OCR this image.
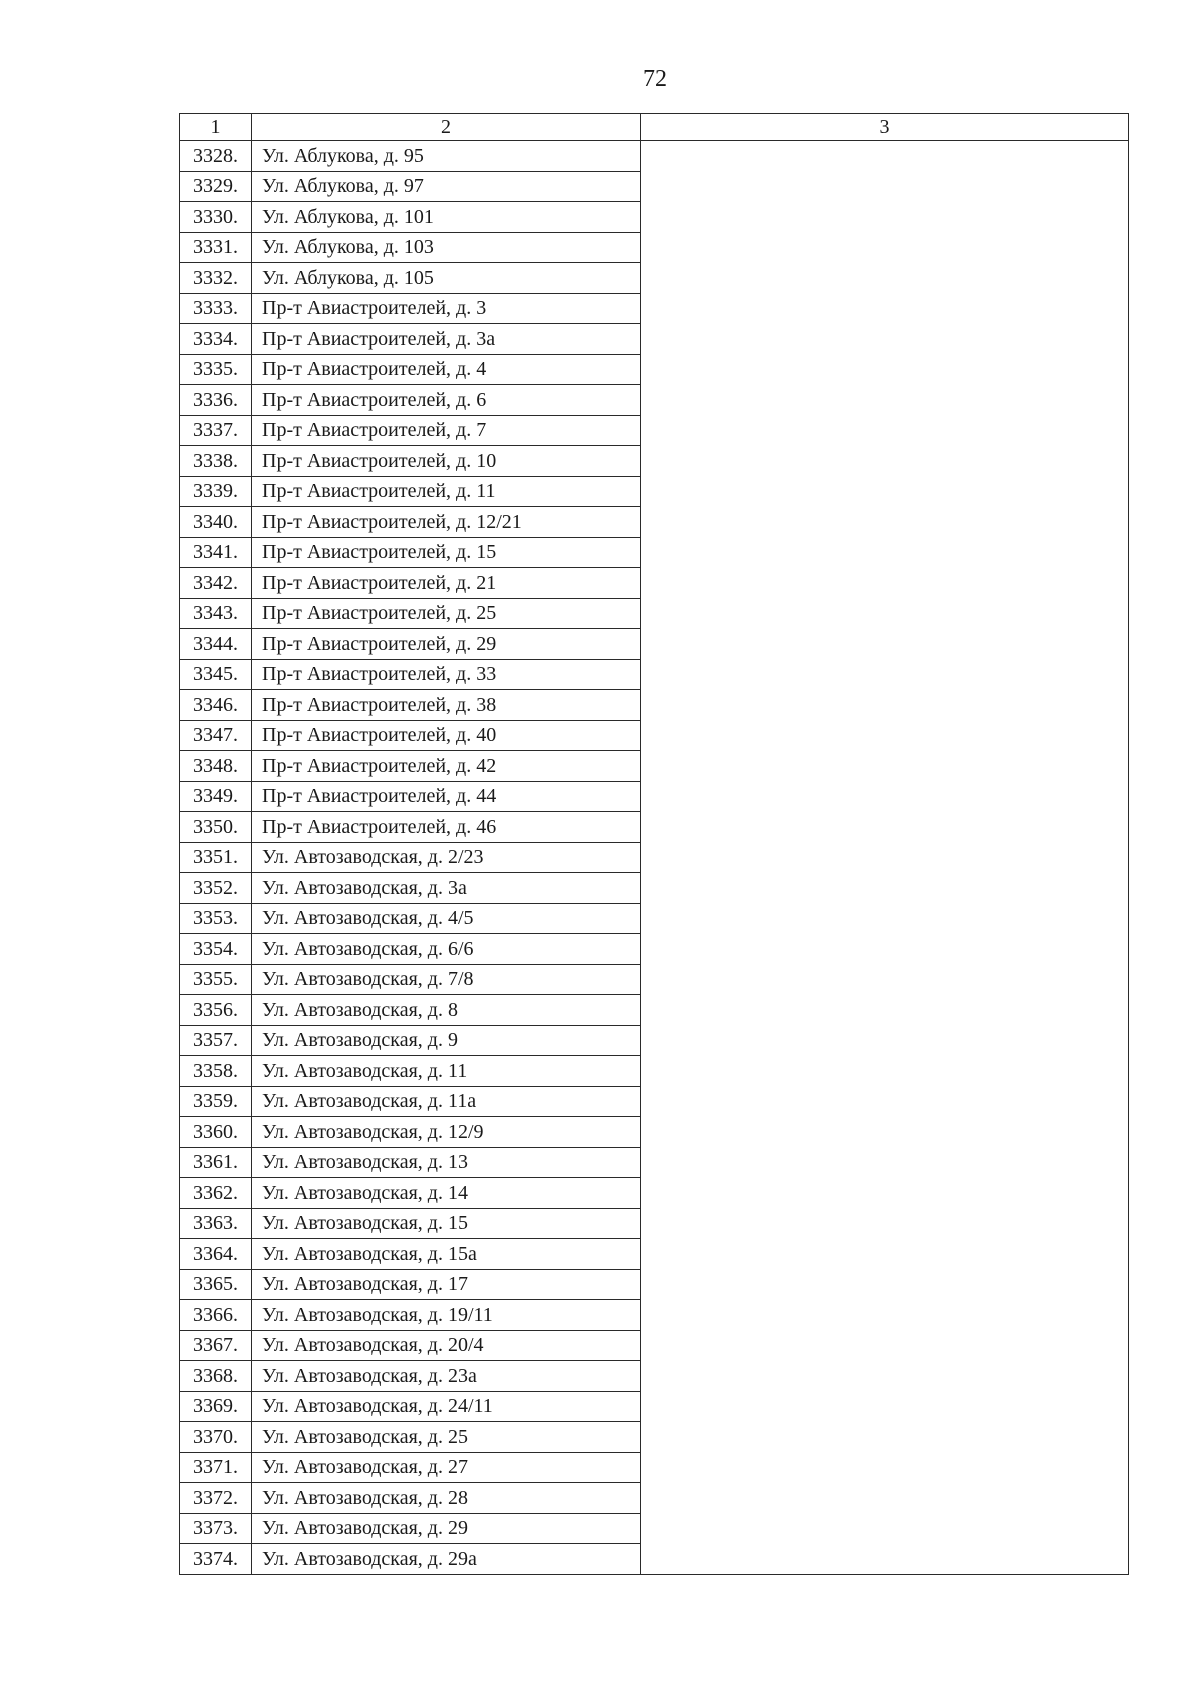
72
1	2	3
3328.	Ул. Аблукова, д. 95	
3329.	Ул. Аблукова, д. 97	
3330.	Ул. Аблукова, д. 101	
3331.	Ул. Аблукова, д. 103	
3332.	Ул. Аблукова, д. 105	
3333.	Пр-т Авиастроителей, д. 3	
3334.	Пр-т Авиастроителей, д. 3а	
3335.	Пр-т Авиастроителей, д. 4	
3336.	Пр-т Авиастроителей, д. 6	
3337.	Пр-т Авиастроителей, д. 7	
3338.	Пр-т Авиастроителей, д. 10	
3339.	Пр-т Авиастроителей, д. 11	
3340.	Пр-т Авиастроителей, д. 12/21	
3341.	Пр-т Авиастроителей, д. 15	
3342.	Пр-т Авиастроителей, д. 21	
3343.	Пр-т Авиастроителей, д. 25	
3344.	Пр-т Авиастроителей, д. 29	
3345.	Пр-т Авиастроителей, д. 33	
3346.	Пр-т Авиастроителей, д. 38	
3347.	Пр-т Авиастроителей, д. 40	
3348.	Пр-т Авиастроителей, д. 42	
3349.	Пр-т Авиастроителей, д. 44	
3350.	Пр-т Авиастроителей, д. 46	
3351.	Ул. Автозаводская, д. 2/23	
3352.	Ул. Автозаводская, д. 3а	
3353.	Ул. Автозаводская, д. 4/5	
3354.	Ул. Автозаводская, д. 6/6	
3355.	Ул. Автозаводская, д. 7/8	
3356.	Ул. Автозаводская, д. 8	
3357.	Ул. Автозаводская, д. 9	
3358.	Ул. Автозаводская, д. 11	
3359.	Ул. Автозаводская, д. 11а	
3360.	Ул. Автозаводская, д. 12/9	
3361.	Ул. Автозаводская, д. 13	
3362.	Ул. Автозаводская, д. 14	
3363.	Ул. Автозаводская, д. 15	
3364.	Ул. Автозаводская, д. 15а	
3365.	Ул. Автозаводская, д. 17	
3366.	Ул. Автозаводская, д. 19/11	
3367.	Ул. Автозаводская, д. 20/4	
3368.	Ул. Автозаводская, д. 23а	
3369.	Ул. Автозаводская, д. 24/11	
3370.	Ул. Автозаводская, д. 25	
3371.	Ул. Автозаводская, д. 27	
3372.	Ул. Автозаводская, д. 28	
3373.	Ул. Автозаводская, д. 29	
3374.	Ул. Автозаводская, д. 29а	
